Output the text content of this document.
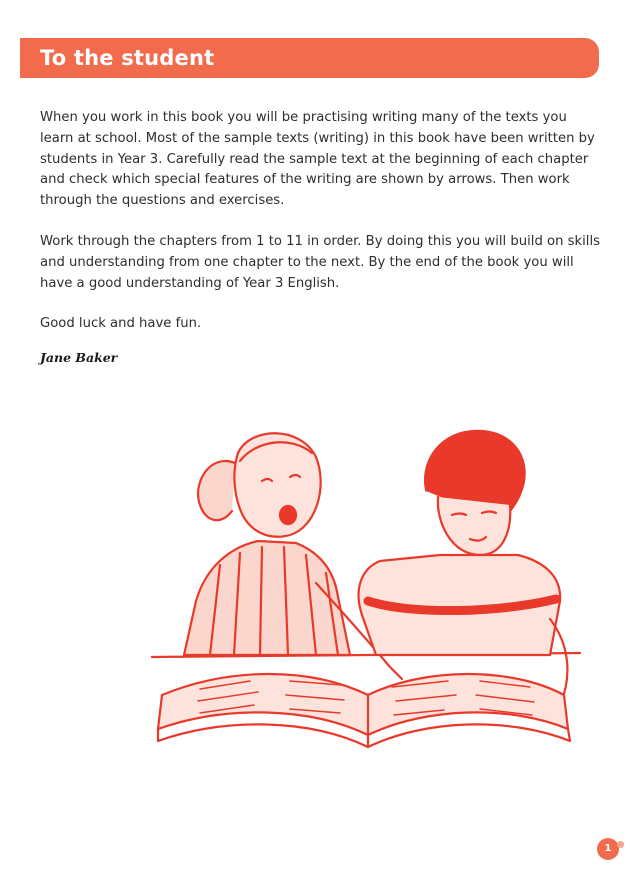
To the student

When you work in this book you will be practising writing many of the texts you learn at school. Most of the sample texts (writing) in this book have been written by students in Year 3. Carefully read the sample text at the beginning of each chapter and check which special features of the writing are shown by arrows. Then work through the questions and exercises.

Work through the chapters from 1 to 11 in order. By doing this you will build on skills and understanding from one chapter to the next. By the end of the book you will have a good understanding of Year 3 English.

Good luck and have fun.

Jane Baker

1
